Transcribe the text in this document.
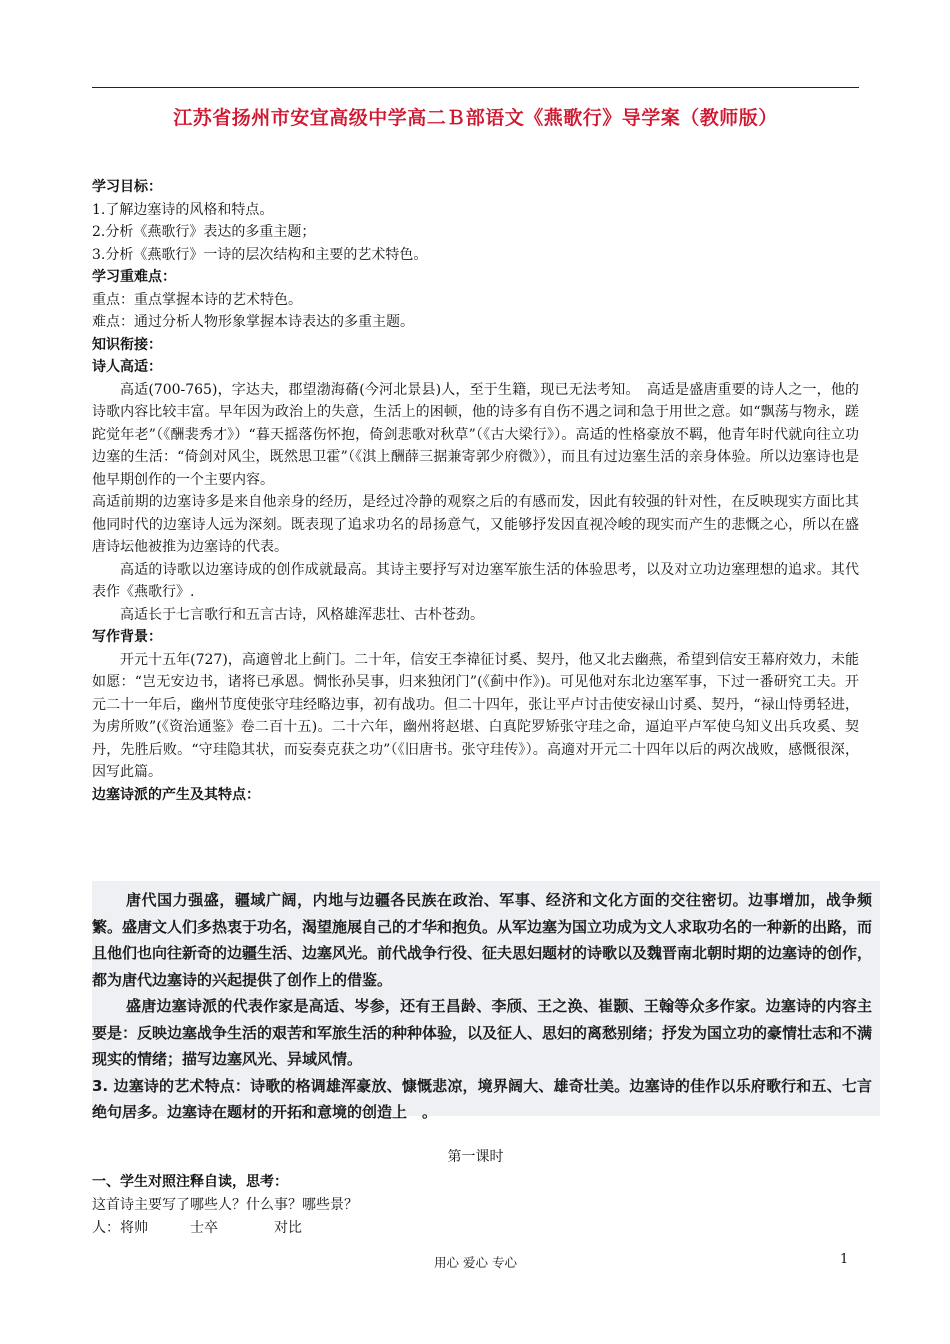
江苏省扬州市安宜高级中学高二Ｂ部语文《燕歌行》导学案（教师版）

学习目标：

1.了解边塞诗的风格和特点。

2.分析《燕歌行》表达的多重主题；

3.分析《燕歌行》一诗的层次结构和主要的艺术特色。

学习重难点：

重点：重点掌握本诗的艺术特色。

难点：通过分析人物形象掌握本诗表达的多重主题。

知识衔接：

诗人高适：

高适(700-765)，字达夫，郡望渤海蓨(今河北景县)人，至于生籍，现已无法考知。　高适是盛唐重要的诗人之一，他的诗歌内容比较丰富。早年因为政治上的失意，生活上的困顿，他的诗多有自伤不遇之词和急于用世之意。如“飘荡与物永，蹉跎觉年老”（《酬裴秀才》）“暮天摇落伤怀抱，倚剑悲歌对秋草”（《古大梁行》）。高适的性格豪放不羁，他青年时代就向往立功边塞的生活：“倚剑对风尘，既然思卫霍”（《淇上酬薛三据兼寄郭少府微》），而且有过边塞生活的亲身体验。所以边塞诗也是他早期创作的一个主要内容。

高适前期的边塞诗多是来自他亲身的经历，是经过冷静的观察之后的有感而发，因此有较强的针对性，在反映现实方面比其他同时代的边塞诗人远为深刻。既表现了追求功名的昂扬意气，又能够抒发因直视冷峻的现实而产生的悲慨之心，所以在盛唐诗坛他被推为边塞诗的代表。

高适的诗歌以边塞诗成的创作成就最高。其诗主要抒写对边塞军旅生活的体验思考，以及对立功边塞理想的追求。其代表作《燕歌行》.

高适长于七言歌行和五言古诗，风格雄浑悲壮、古朴苍劲。

写作背景：

开元十五年(727)，高適曾北上蓟门。二十年，信安王李禕征讨奚、契丹，他又北去幽燕，希望到信安王幕府效力，未能如愿：“岂无安边书，诸将已承恩。惆怅孙吴事，归来独闭门”(《蓟中作》)。可见他对东北边塞军事，下过一番研究工夫。开元二十一年后，幽州节度使张守珪经略边事，初有战功。但二十四年，张让平卢讨击使安禄山讨奚、契丹，“禄山恃勇轻进，为虏所败”(《资治通鉴》卷二百十五)。二十六年，幽州将赵堪、白真陀罗矫张守珪之命，逼迫平卢军使乌知义出兵攻奚、契丹，先胜后败。“守珪隐其状，而妄奏克获之功”（《旧唐书。张守珪传》）。高適对开元二十四年以后的两次战败，感慨很深，因写此篇。

边塞诗派的产生及其特点：

唐代国力强盛，疆域广阔，内地与边疆各民族在政治、军事、经济和文化方面的交往密切。边事增加，战争频繁。盛唐文人们多热衷于功名，渴望施展自己的才华和抱负。从军边塞为国立功成为文人求取功名的一种新的出路，而且他们也向往新奇的边疆生活、边塞风光。前代战争行役、征夫思妇题材的诗歌以及魏晋南北朝时期的边塞诗的创作，都为唐代边塞诗的兴起提供了创作上的借鉴。

盛唐边塞诗派的代表作家是高适、岑参，还有王昌龄、李颀、王之涣、崔颢、王翰等众多作家。边塞诗的内容主要是：反映边塞战争生活的艰苦和军旅生活的种种体验，以及征人、思妇的离愁别绪；抒发为国立功的豪情壮志和不满现实的情绪；描写边塞风光、异域风情。

3. 边塞诗的艺术特点：诗歌的格调雄浑豪放、慷慨悲凉，境界阔大、雄奇壮美。边塞诗的佳作以乐府歌行和五、七言绝句居多。边塞诗在题材的开拓和意境的创造上　。

第一课时

一、学生对照注释自读，思考：

这首诗主要写了哪些人？什么事？哪些景？

人：将帅　　　士卒　　　　对比

用心 爱心 专心	1
